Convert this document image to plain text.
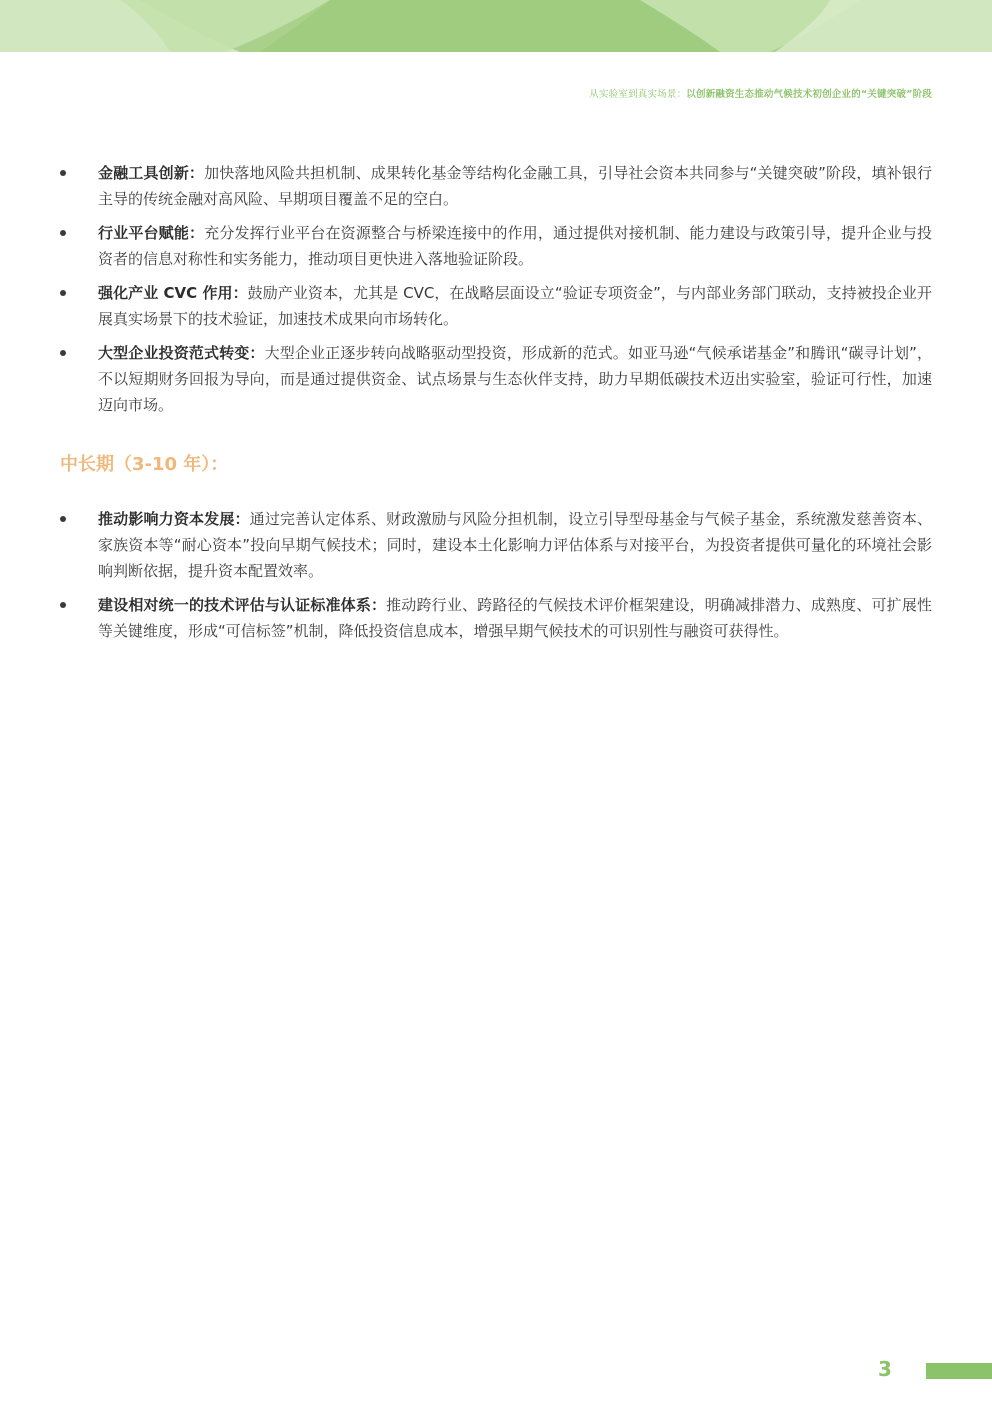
从实验室到真实场景：以创新融资生态推动气候技术初创企业的“关键突破”阶段
金融工具创新：加快落地风险共担机制、成果转化基金等结构化金融工具，引导社会资本共同参与“关键突破”阶段，填补银行主导的传统金融对高风险、早期项目覆盖不足的空白。
行业平台赋能：充分发挥行业平台在资源整合与桥梁连接中的作用，通过提供对接机制、能力建设与政策引导，提升企业与投资者的信息对称性和实务能力，推动项目更快进入落地验证阶段。
强化产业 CVC 作用：鼓励产业资本，尤其是 CVC，在战略层面设立“验证专项资金”，与内部业务部门联动，支持被投企业开展真实场景下的技术验证，加速技术成果向市场转化。
大型企业投资范式转变：大型企业正逐步转向战略驱动型投资，形成新的范式。如亚马逊“气候承诺基金”和腾讯“碳寻计划”，不以短期财务回报为导向，而是通过提供资金、试点场景与生态伙伴支持，助力早期低碳技术迈出实验室，验证可行性，加速迈向市场。
中长期（3-10 年）：
推动影响力资本发展：通过完善认定体系、财政激励与风险分担机制，设立引导型母基金与气候子基金，系统激发慈善资本、家族资本等“耐心资本”投向早期气候技术；同时，建设本土化影响力评估体系与对接平台，为投资者提供可量化的环境社会影响判断依据，提升资本配置效率。
建设相对统一的技术评估与认证标准体系：推动跨行业、跨路径的气候技术评价框架建设，明确减排潜力、成熟度、可扩展性等关键维度，形成“可信标签”机制，降低投资信息成本，增强早期气候技术的可识别性与融资可获得性。
3
